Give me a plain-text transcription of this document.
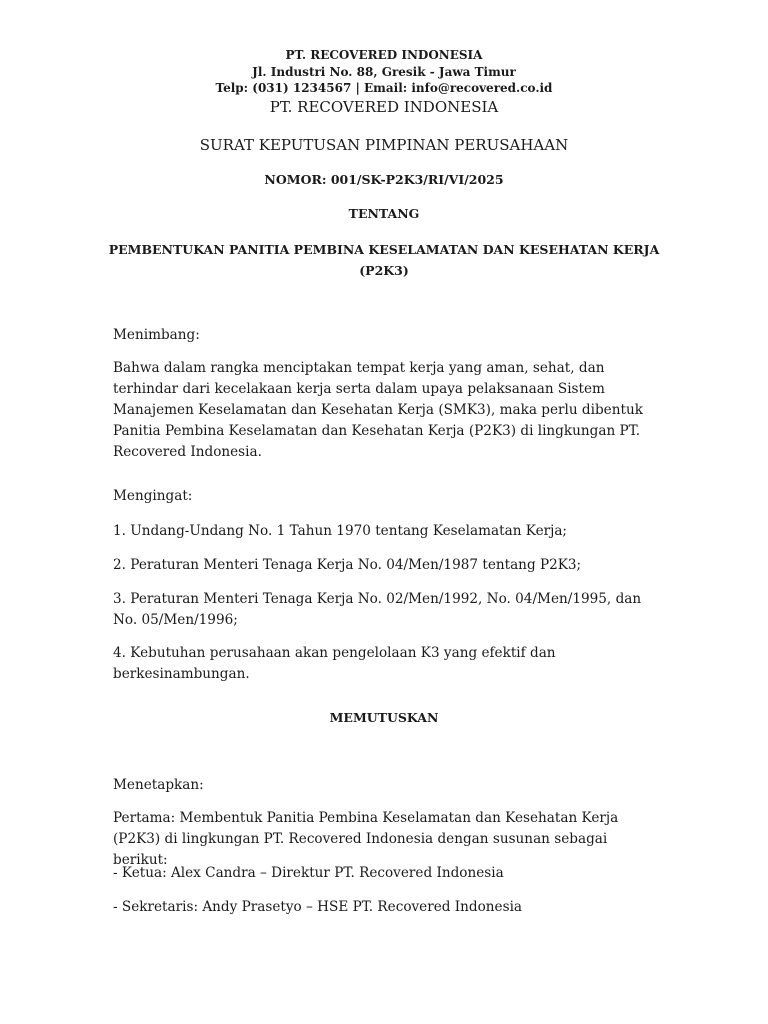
PT. RECOVERED INDONESIA
Jl. Industri No. 88, Gresik - Jawa Timur
Telp: (031) 1234567 | Email: info@recovered.co.id
PT. RECOVERED INDONESIA
SURAT KEPUTUSAN PIMPINAN PERUSAHAAN
NOMOR: 001/SK-P2K3/RI/VI/2025
TENTANG
PEMBENTUKAN PANITIA PEMBINA KESELAMATAN DAN KESEHATAN KERJA
(P2K3)

Menimbang:

Bahwa dalam rangka menciptakan tempat kerja yang aman, sehat, dan terhindar dari kecelakaan kerja serta dalam upaya pelaksanaan Sistem Manajemen Keselamatan dan Kesehatan Kerja (SMK3), maka perlu dibentuk Panitia Pembina Keselamatan dan Kesehatan Kerja (P2K3) di lingkungan PT. Recovered Indonesia.

Mengingat:

1. Undang-Undang No. 1 Tahun 1970 tentang Keselamatan Kerja;

2. Peraturan Menteri Tenaga Kerja No. 04/Men/1987 tentang P2K3;

3. Peraturan Menteri Tenaga Kerja No. 02/Men/1992, No. 04/Men/1995, dan No. 05/Men/1996;

4. Kebutuhan perusahaan akan pengelolaan K3 yang efektif dan berkesinambungan.

MEMUTUSKAN

Menetapkan:

Pertama: Membentuk Panitia Pembina Keselamatan dan Kesehatan Kerja (P2K3) di lingkungan PT. Recovered Indonesia dengan susunan sebagai berikut:

- Ketua: Alex Candra – Direktur PT. Recovered Indonesia

- Sekretaris: Andy Prasetyo – HSE PT. Recovered Indonesia
